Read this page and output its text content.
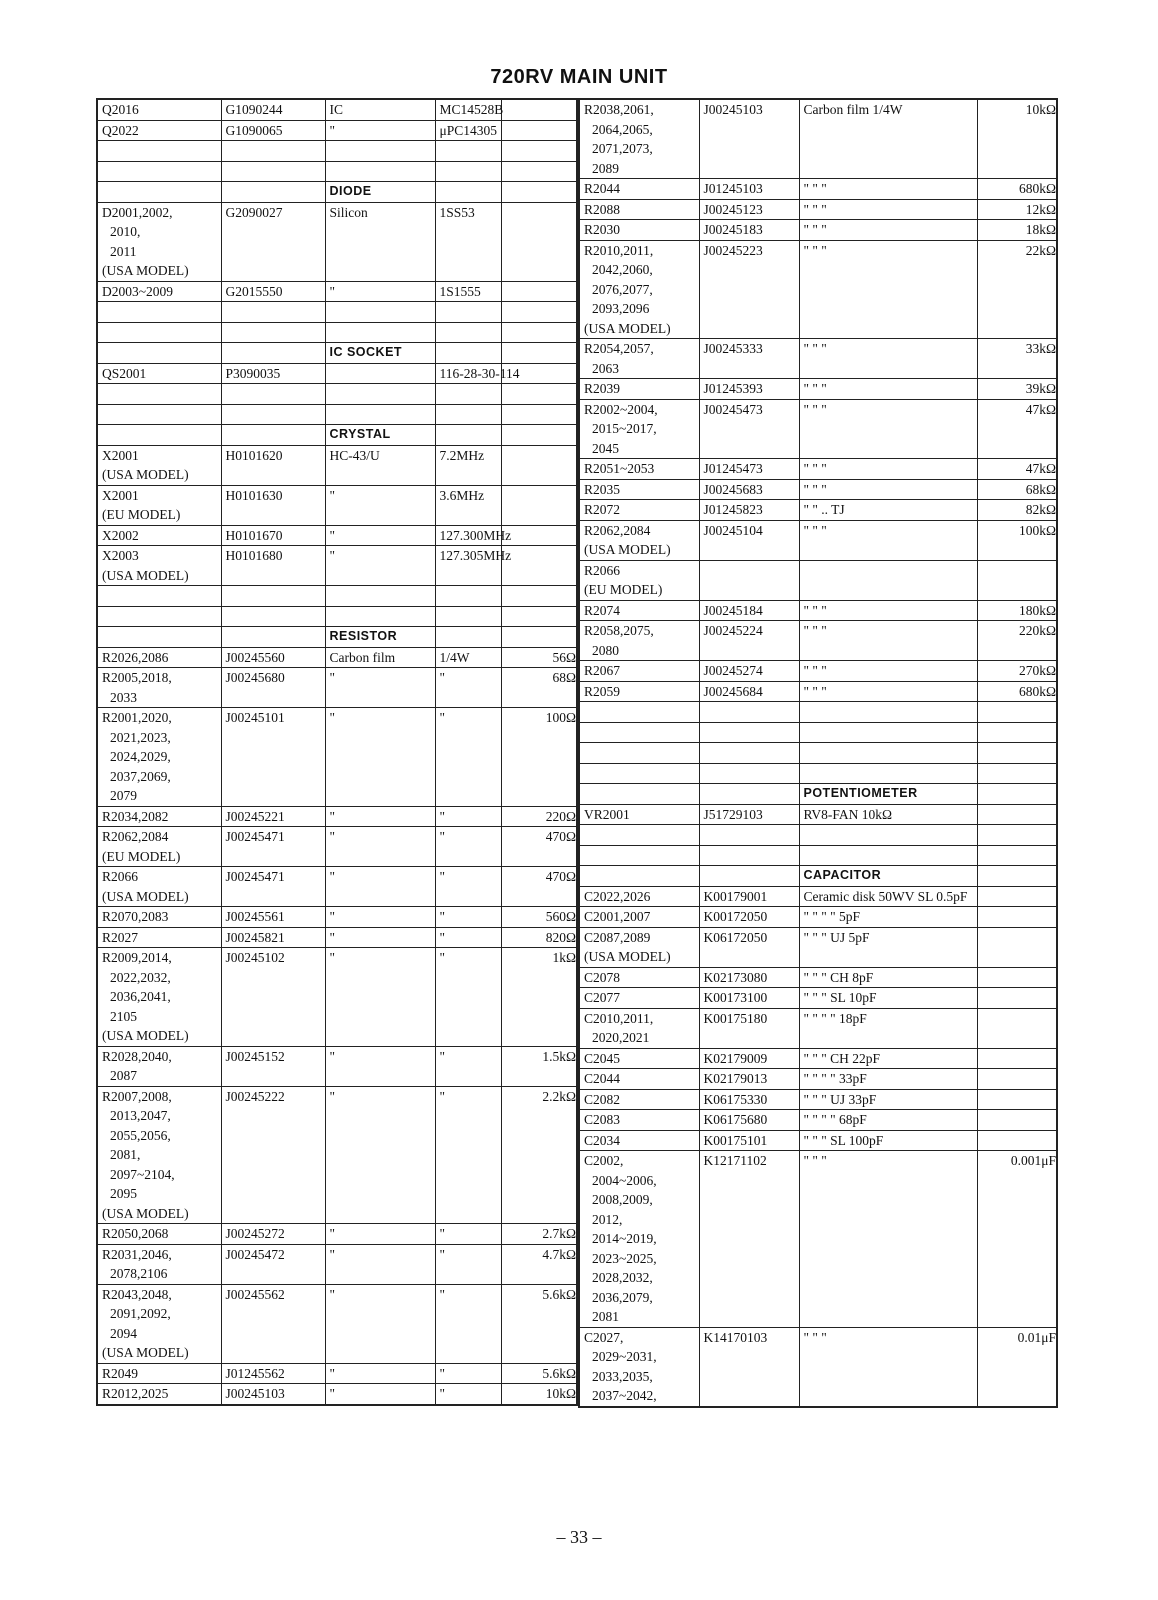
720RV MAIN UNIT
Q2016	G1090244	IC	MC14528B	
Q2022	G1090065	"	μPC14305	

		DIODE		
D2001,2002,	G2090027	Silicon	1SS53	
2010,				
2011				
(USA MODEL)				
D2003~2009	G2015550	"	1S1555	

		IC SOCKET		
QS2001	P3090035		116-28-30-114	

		CRYSTAL		
X2001	H0101620	HC-43/U	7.2MHz	
(USA MODEL)				
X2001	H0101630	"	3.6MHz	
(EU MODEL)				
X2002	H0101670	"	127.300MHz	
X2003	H0101680	"	127.305MHz	
(USA MODEL)				

		RESISTOR		
R2026,2086	J00245560	Carbon film	1/4W	56Ω
R2005,2018,	J00245680	"	"	68Ω
2033				
R2001,2020,	J00245101	"	"	100Ω
2021,2023,				
2024,2029,				
2037,2069,				
2079				
R2034,2082	J00245221	"	"	220Ω
R2062,2084	J00245471	"	"	470Ω
(EU MODEL)				
R2066	J00245471	"	"	470Ω
(USA MODEL)				
R2070,2083	J00245561	"	"	560Ω
R2027	J00245821	"	"	820Ω
R2009,2014,	J00245102	"	"	1kΩ
2022,2032,				
2036,2041,				
2105				
(USA MODEL)				
R2028,2040,	J00245152	"	"	1.5kΩ
2087				
R2007,2008,	J00245222	"	"	2.2kΩ
2013,2047,				
2055,2056,				
2081,				
2097~2104,				
2095				
(USA MODEL)				
R2050,2068	J00245272	"	"	2.7kΩ
R2031,2046,	J00245472	"	"	4.7kΩ
2078,2106				
R2043,2048,	J00245562	"	"	5.6kΩ
2091,2092,				
2094				
(USA MODEL)				
R2049	J01245562	"	"	5.6kΩ
R2012,2025	J00245103	"	"	10kΩ
R2038,2061,	J00245103	Carbon film 1/4W	10kΩ
2064,2065,			
2071,2073,			
2089			
R2044	J01245103	" " "	680kΩ
R2088	J00245123	" " "	12kΩ
R2030	J00245183	" " "	18kΩ
R2010,2011,	J00245223	" " "	22kΩ
2042,2060,			
2076,2077,			
2093,2096			
(USA MODEL)			
R2054,2057,	J00245333	" " "	33kΩ
2063			
R2039	J01245393	" " "	39kΩ
R2002~2004,	J00245473	" " "	47kΩ
2015~2017,			
2045			
R2051~2053	J01245473	" " "	47kΩ
R2035	J00245683	" " "	68kΩ
R2072	J01245823	" " .. TJ	82kΩ
R2062,2084	J00245104	" " "	100kΩ
(USA MODEL)			
R2066			
(EU MODEL)			
R2074	J00245184	" " "	180kΩ
R2058,2075,	J00245224	" " "	220kΩ
2080			
R2067	J00245274	" " "	270kΩ
R2059	J00245684	" " "	680kΩ

		POTENTIOMETER	
VR2001	J51729103	RV8-FAN 10kΩ	

		CAPACITOR	
C2022,2026	K00179001	Ceramic disk 50WV SL 0.5pF	
C2001,2007	K00172050	" " " " 5pF	
C2087,2089	K06172050	" " " UJ 5pF	
(USA MODEL)			
C2078	K02173080	" " " CH 8pF	
C2077	K00173100	" " " SL 10pF	
C2010,2011,	K00175180	" " " " 18pF	
2020,2021			
C2045	K02179009	" " " CH 22pF	
C2044	K02179013	" " " " 33pF	
C2082	K06175330	" " " UJ 33pF	
C2083	K06175680	" " " " 68pF	
C2034	K00175101	" " " SL 100pF	
C2002,	K12171102	" " "	0.001μF
2004~2006,			
2008,2009,			
2012,			
2014~2019,			
2023~2025,			
2028,2032,			
2036,2079,			
2081			
C2027,	K14170103	" " "	0.01μF
2029~2031,			
2033,2035,			
2037~2042,			
– 33 –
